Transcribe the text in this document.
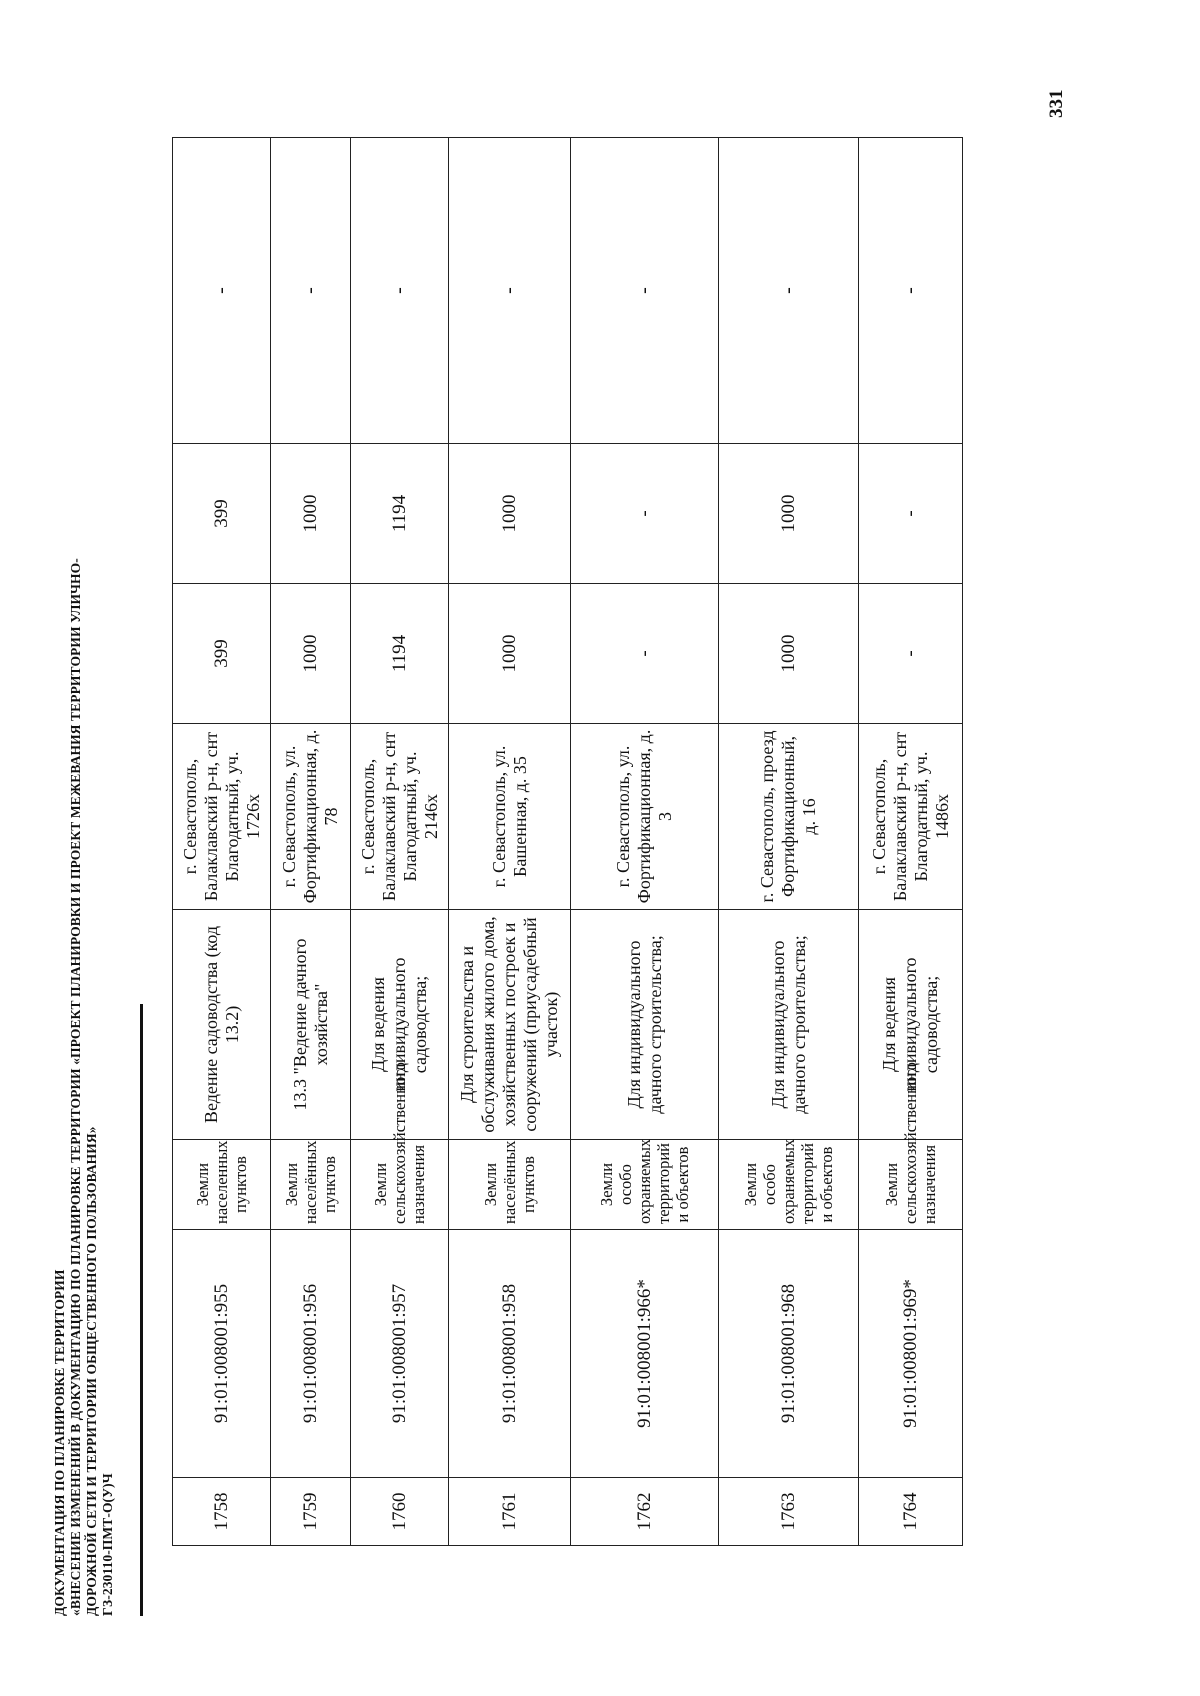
ДОКУМЕНТАЦИЯ ПО ПЛАНИРОВКЕ ТЕРРИТОРИИ «ВНЕСЕНИЕ ИЗМЕНЕНИЙ В ДОКУМЕНТАЦИЮ ПО ПЛАНИРОВКЕ ТЕРРИТОРИИ «ПРОЕКТ ПЛАНИРОВКИ И ПРОЕКТ МЕЖЕВАНИЯ ТЕРРИТОРИИ УЛИЧНО- ДОРОЖНОЙ СЕТИ И ТЕРРИТОРИИ ОБЩЕСТВЕННОГО ПОЛЬЗОВАНИЯ» ГЗ-230110-ПМТ-О(У)Ч
331
1758	91:01:008001:955	Земли населенных пунктов	Ведение садоводства (код 13.2)	г. Севастополь, Балаклавский р-н, снт Благодатный, уч. 1726х	399	399	-
1759	91:01:008001:956	Земли населённых пунктов	13.3 "Ведение дачного хозяйства"	г. Севастополь, ул. Фортификационная, д. 78	1000	1000	-
1760	91:01:008001:957	Земли сельскохозяйственного назначения	Для ведения индивидуального садоводства;	г. Севастополь, Балаклавский р-н, снт Благодатный, уч. 2146х	1194	1194	-
1761	91:01:008001:958	Земли населённых пунктов	Для строительства и обслуживания жилого дома, хозяйственных построек и сооружений (приусадебный участок)	г. Севастополь, ул. Башенная, д. 35	1000	1000	-
1762	91:01:008001:966*	Земли особо охраняемых территорий и объектов	Для индивидуального дачного строительства;	г. Севастополь, ул. Фортификационная, д. 3	-	-	-
1763	91:01:008001:968	Земли особо охраняемых территорий и объектов	Для индивидуального дачного строительства;	г. Севастополь, проезд Фортификационный, д. 16	1000	1000	-
1764	91:01:008001:969*	Земли сельскохозяйственного назначения	Для ведения индивидуального садоводства;	г. Севастополь, Балаклавский р-н, снт Благодатный, уч. 1486х	-	-	-
